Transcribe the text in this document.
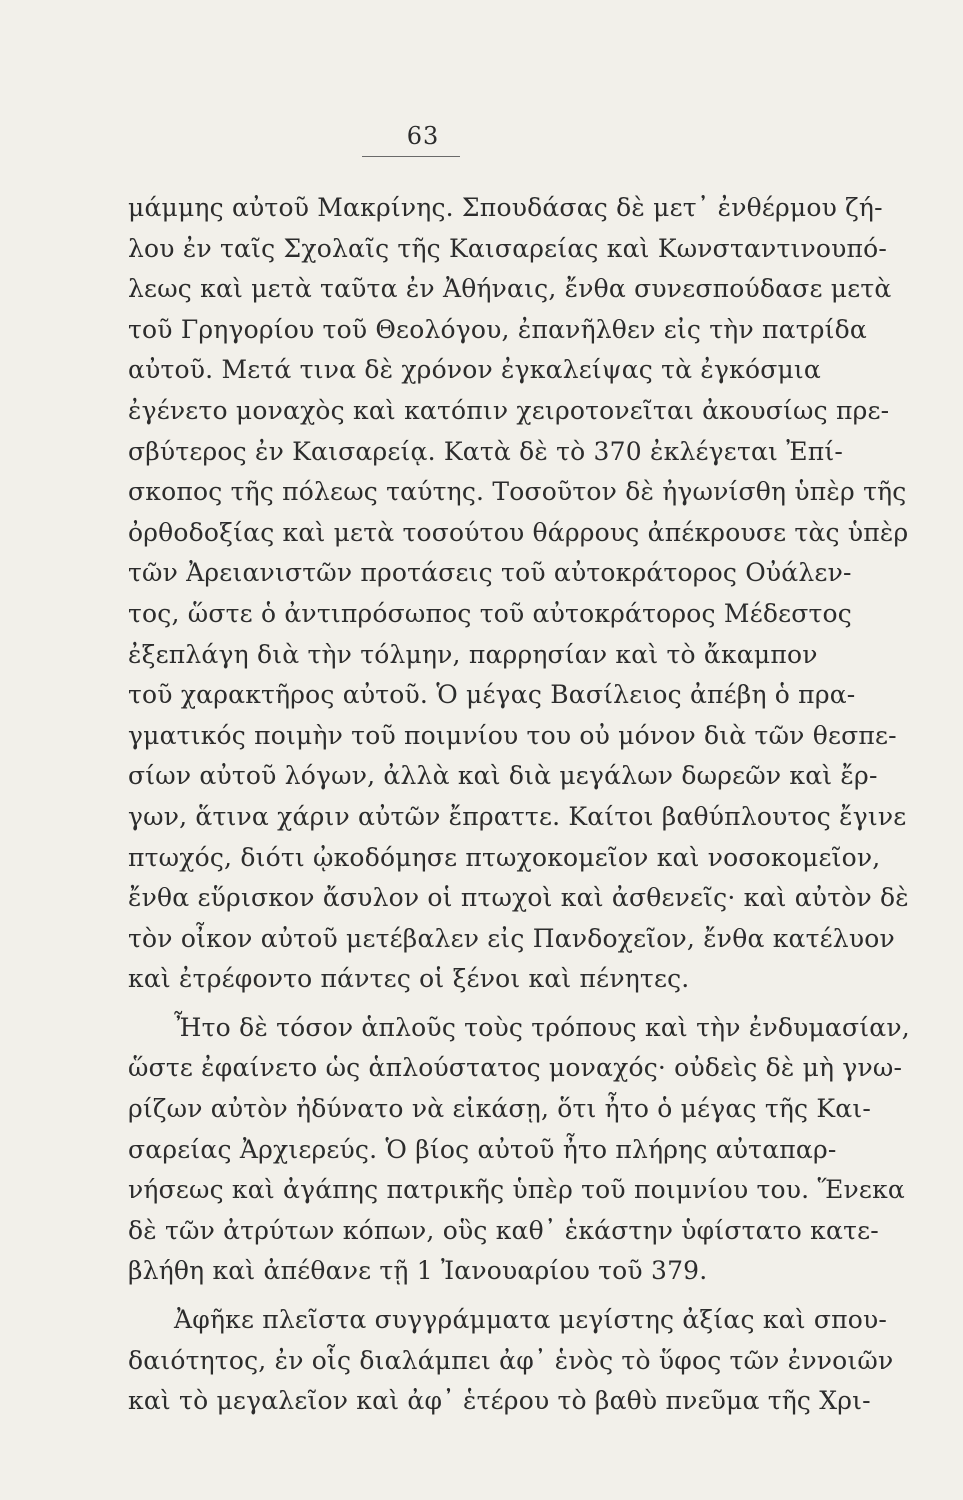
63
μάμμης αὐτοῦ Μακρίνης. Σπουδάσας δὲ μετ᾽ ἐνθέρμου ζή-
λου ἐν ταῖς Σχολαῖς τῆς Καισαρείας καὶ Κωνσταντινουπό-
λεως καὶ μετὰ ταῦτα ἐν Ἀθήναις, ἔνθα συνεσπούδασε μετὰ
τοῦ Γρηγορίου τοῦ Θεολόγου, ἐπανῆλθεν εἰς τὴν πατρίδα
αὐτοῦ. Μετά τινα δὲ χρόνον ἐγκαλείψας τὰ ἐγκόσμια
ἐγένετο μοναχὸς καὶ κατόπιν χειροτονεῖται ἀκουσίως πρε-
σβύτερος ἐν Καισαρείᾳ. Κατὰ δὲ τὸ 370 ἐκλέγεται Ἐπί-
σκοπος τῆς πόλεως ταύτης. Τοσοῦτον δὲ ἠγωνίσθη ὑπὲρ τῆς
ὀρθοδοξίας καὶ μετὰ τοσούτου θάρρους ἀπέκρουσε τὰς ὑπὲρ
τῶν Ἀρειανιστῶν προτάσεις τοῦ αὐτοκράτορος Οὐάλεν-
τος, ὥστε ὁ ἀντιπρόσωπος τοῦ αὐτοκράτορος Μέδεστος
ἐξεπλάγη διὰ τὴν τόλμην, παρρησίαν καὶ τὸ ἄκαμπον
τοῦ χαρακτῆρος αὐτοῦ. Ὁ μέγας Βασίλειος ἀπέβη ὁ πρα-
γματικός ποιμὴν τοῦ ποιμνίου του οὐ μόνον διὰ τῶν θεσπε-
σίων αὐτοῦ λόγων, ἀλλὰ καὶ διὰ μεγάλων δωρεῶν καὶ ἔρ-
γων, ἅτινα χάριν αὐτῶν ἔπραττε. Καίτοι βαθύπλουτος ἔγινε
πτωχός, διότι ᾠκοδόμησε πτωχοκομεῖον καὶ νοσοκομεῖον,
ἔνθα εὕρισκον ἄσυλον οἱ πτωχοὶ καὶ ἀσθενεῖς· καὶ αὐτὸν δὲ
τὸν οἶκον αὐτοῦ μετέβαλεν εἰς Πανδοχεῖον, ἔνθα κατέλυον
καὶ ἐτρέφοντο πάντες οἱ ξένοι καὶ πένητες.
Ἦτο δὲ τόσον ἁπλοῦς τοὺς τρόπους καὶ τὴν ἐνδυμασίαν,
ὥστε ἐφαίνετο ὡς ἁπλούστατος μοναχός· οὐδεὶς δὲ μὴ γνω-
ρίζων αὐτὸν ἠδύνατο νὰ εἰκάσῃ, ὅτι ἦτο ὁ μέγας τῆς Και-
σαρείας Ἀρχιερεύς. Ὁ βίος αὐτοῦ ἦτο πλήρης αὐταπαρ-
νήσεως καὶ ἀγάπης πατρικῆς ὑπὲρ τοῦ ποιμνίου του. Ἕνεκα
δὲ τῶν ἀτρύτων κόπων, οὓς καθ᾽ ἑκάστην ὑφίστατο κατε-
βλήθη καὶ ἀπέθανε τῇ 1 Ἰανουαρίου τοῦ 379.
Ἀφῆκε πλεῖστα συγγράμματα μεγίστης ἀξίας καὶ σπου-
δαιότητος, ἐν οἷς διαλάμπει ἀφ᾽ ἑνὸς τὸ ὕφος τῶν ἐννοιῶν
καὶ τὸ μεγαλεῖον καὶ ἀφ᾽ ἑτέρου τὸ βαθὺ πνεῦμα τῆς Χρι-
